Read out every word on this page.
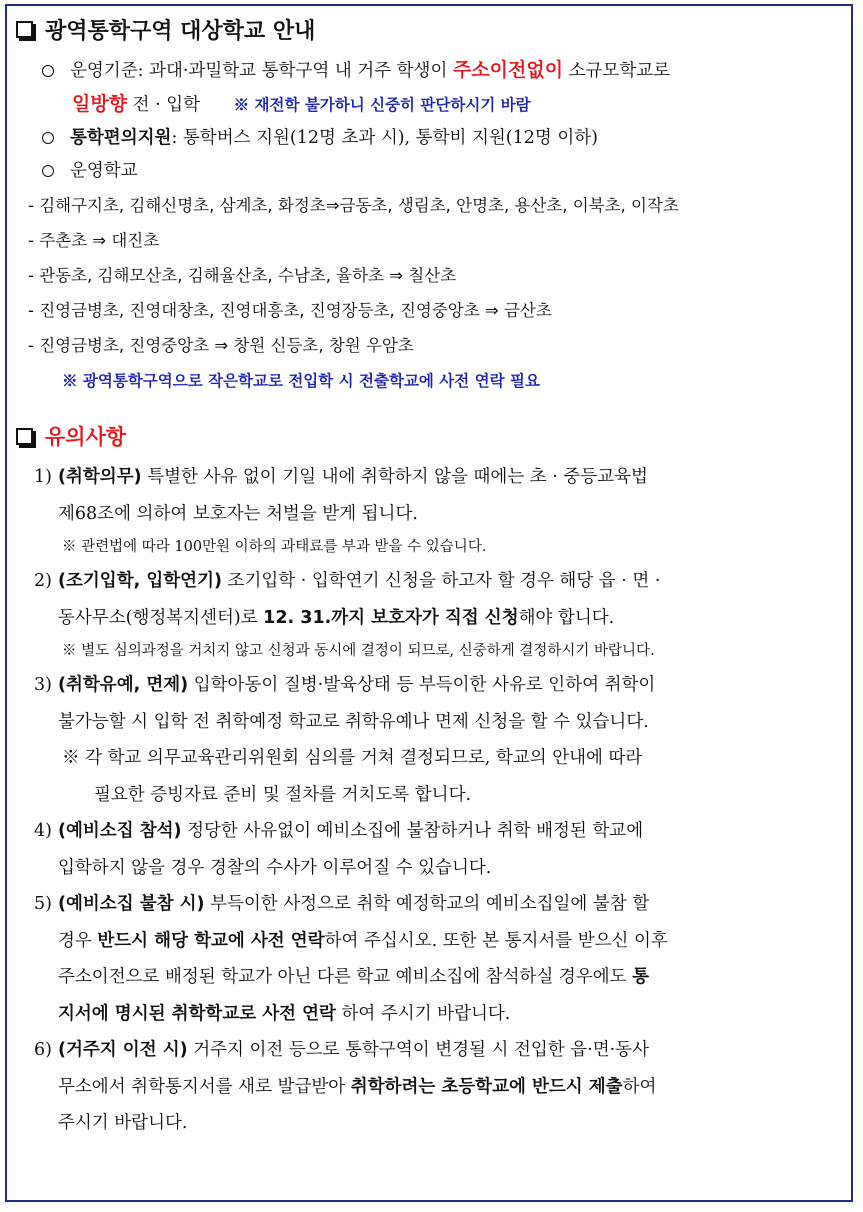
광역통학구역 대상학교 안내
운영기준: 과대·과밀학교 통학구역 내 거주 학생이 주소이전없이 소규모학교로
일방향 전 · 입학 ※ 재전학 불가하니 신중히 판단하시기 바람
통학편의지원: 통학버스 지원(12명 초과 시), 통학비 지원(12명 이하)
운영학교
- 김해구지초, 김해신명초, 삼계초, 화정초⇒금동초, 생림초, 안명초, 용산초, 이북초, 이작초
- 주촌초 ⇒ 대진초
- 관동초, 김해모산초, 김해율산초, 수남초, 율하초 ⇒ 칠산초
- 진영금병초, 진영대창초, 진영대흥초, 진영장등초, 진영중앙초 ⇒ 금산초
- 진영금병초, 진영중앙초 ⇒ 창원 신등초, 창원 우암초
※ 광역통학구역으로 작은학교로 전입학 시 전출학교에 사전 연락 필요
유의사항
1) (취학의무) 특별한 사유 없이 기일 내에 취학하지 않을 때에는 초 · 중등교육법
제68조에 의하여 보호자는 처벌을 받게 됩니다.
※ 관련법에 따라 100만원 이하의 과태료를 부과 받을 수 있습니다.
2) (조기입학, 입학연기) 조기입학 · 입학연기 신청을 하고자 할 경우 해당 읍 · 면 ·
동사무소(행정복지센터)로 12. 31.까지 보호자가 직접 신청해야 합니다.
※ 별도 심의과정을 거치지 않고 신청과 동시에 결정이 되므로, 신중하게 결정하시기 바랍니다.
3) (취학유예, 면제) 입학아동이 질병·발육상태 등 부득이한 사유로 인하여 취학이
불가능할 시 입학 전 취학예정 학교로 취학유예나 면제 신청을 할 수 있습니다.
※ 각 학교 의무교육관리위원회 심의를 거쳐 결정되므로, 학교의 안내에 따라
필요한 증빙자료 준비 및 절차를 거치도록 합니다.
4) (예비소집 참석) 정당한 사유없이 예비소집에 불참하거나 취학 배정된 학교에
입학하지 않을 경우 경찰의 수사가 이루어질 수 있습니다.
5) (예비소집 불참 시) 부득이한 사정으로 취학 예정학교의 예비소집일에 불참 할
경우 반드시 해당 학교에 사전 연락하여 주십시오. 또한 본 통지서를 받으신 이후
주소이전으로 배정된 학교가 아닌 다른 학교 예비소집에 참석하실 경우에도 통
지서에 명시된 취학학교로 사전 연락 하여 주시기 바랍니다.
6) (거주지 이전 시) 거주지 이전 등으로 통학구역이 변경될 시 전입한 읍·면·동사
무소에서 취학통지서를 새로 발급받아 취학하려는 초등학교에 반드시 제출하여
주시기 바랍니다.
